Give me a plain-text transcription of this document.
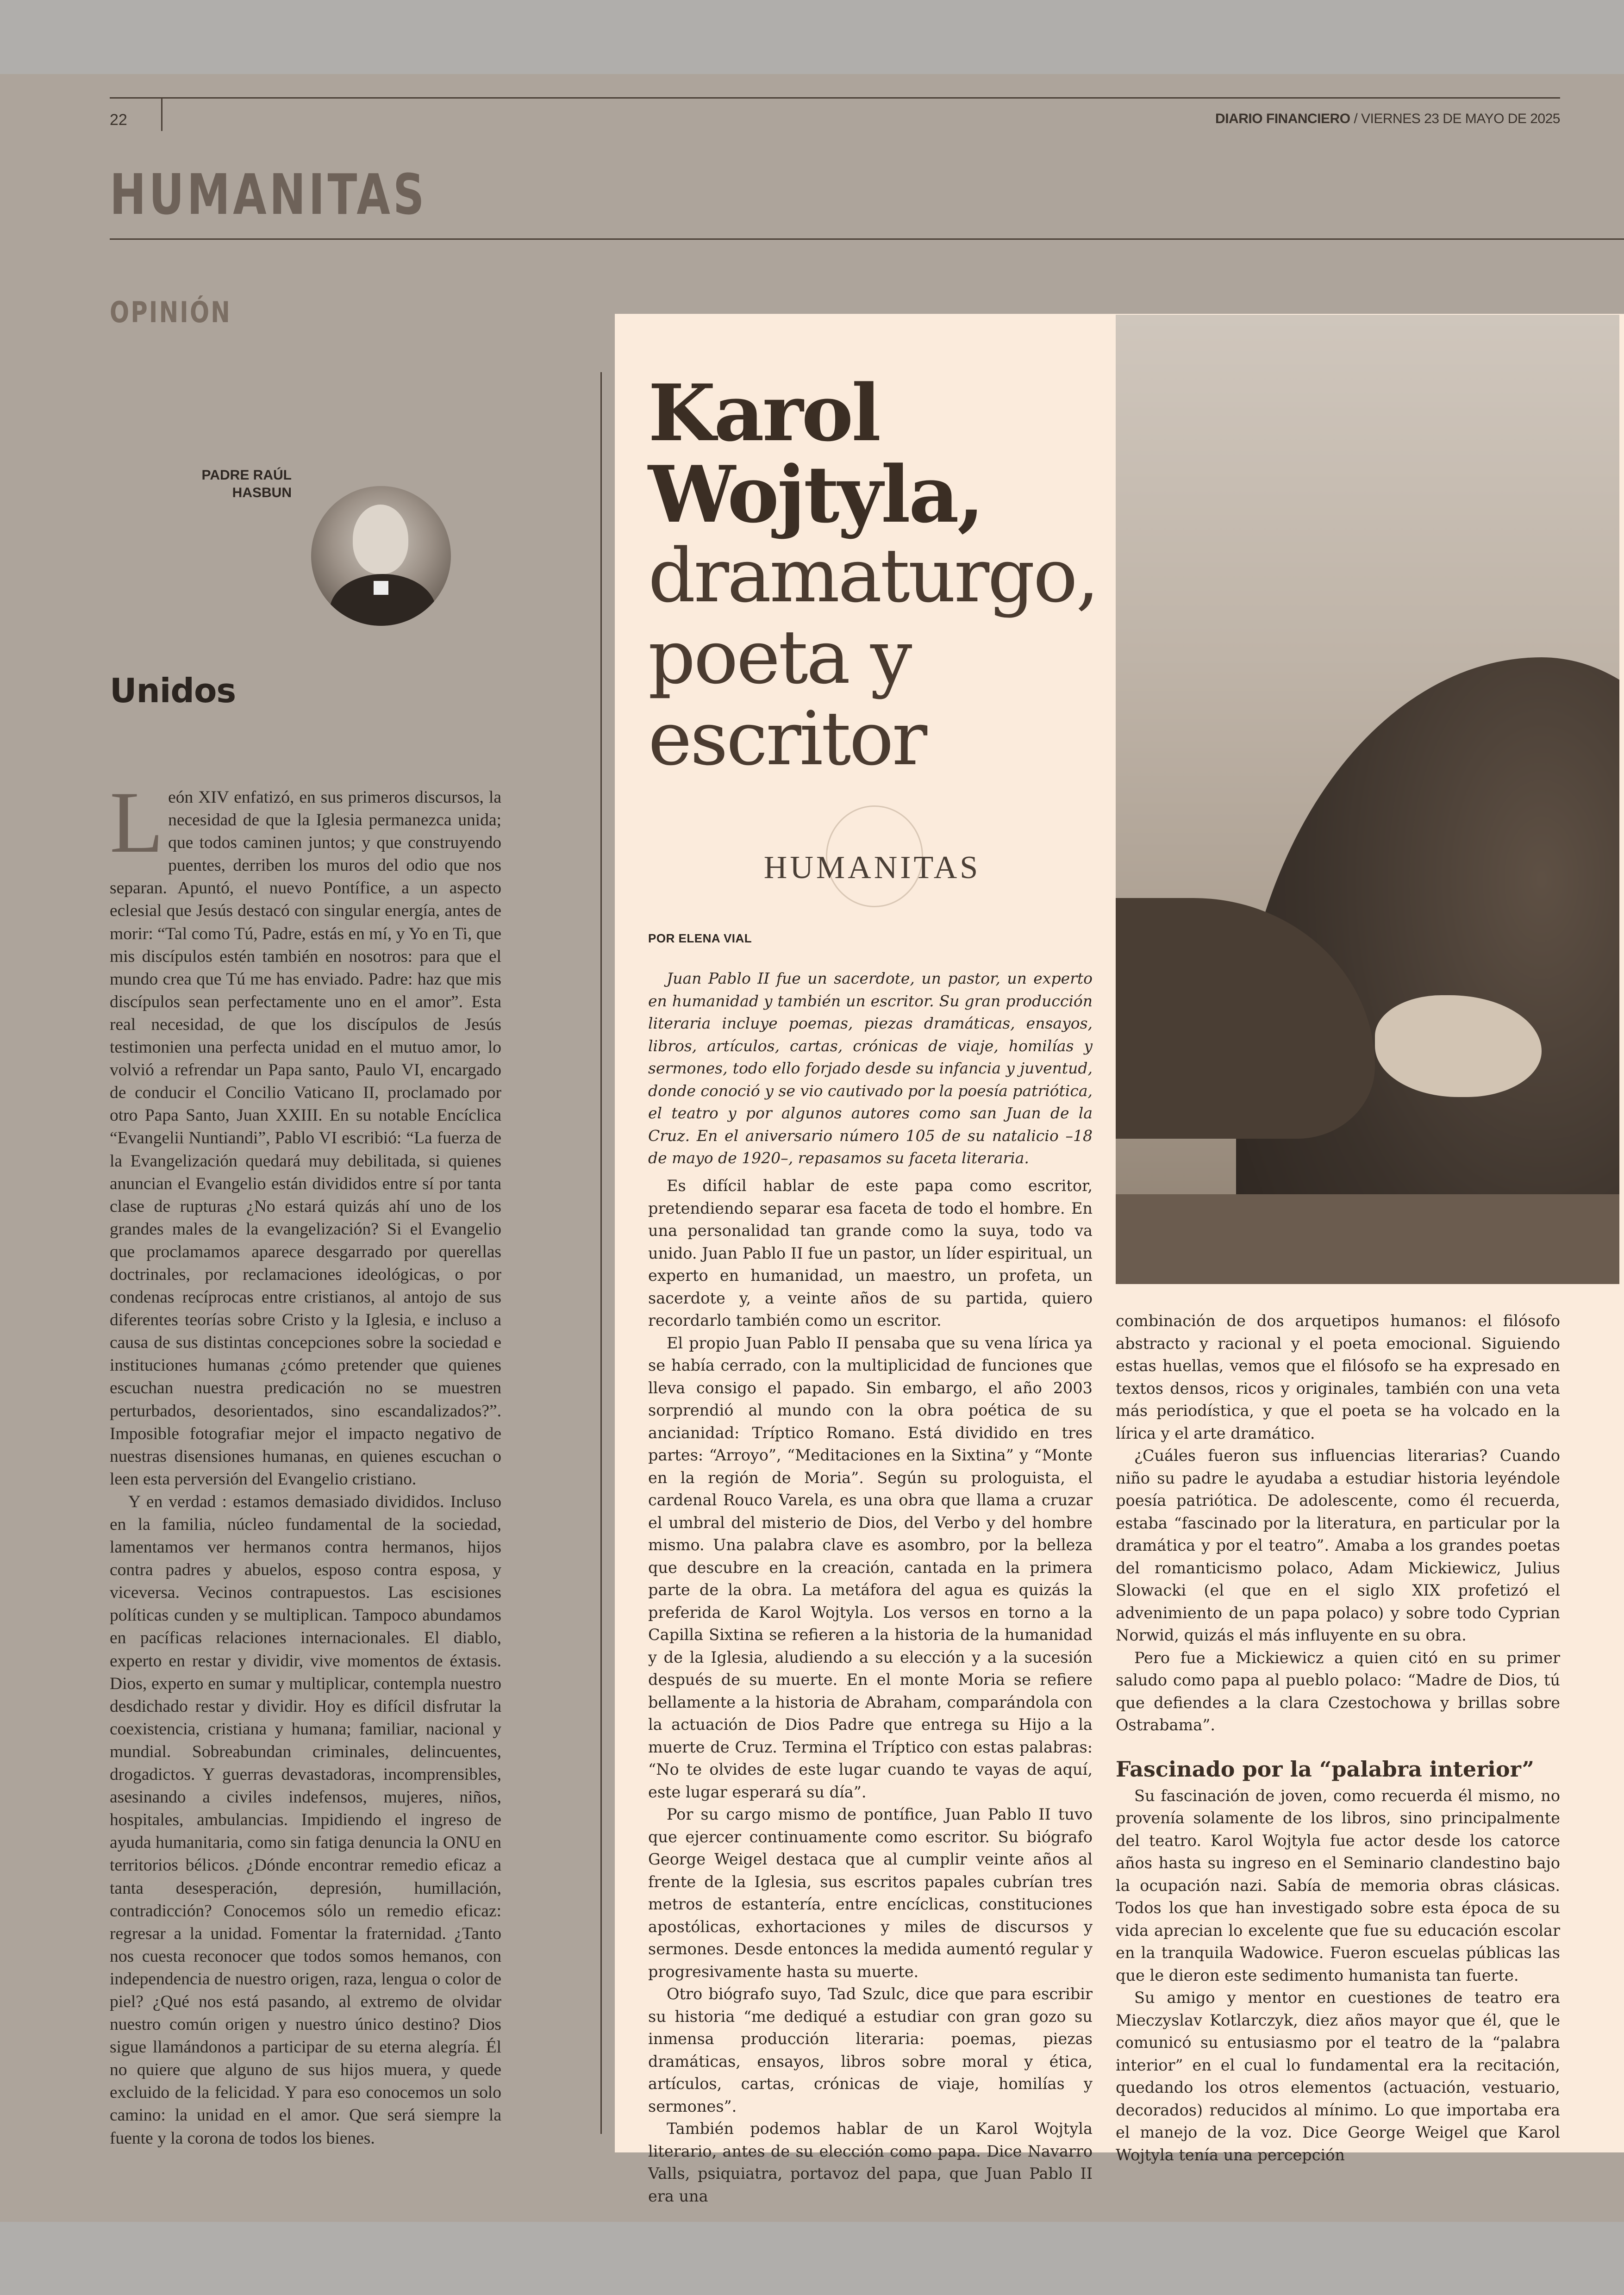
22	DIARIO FINANCIERO / VIERNES 23 DE MAYO DE 2025
HUMANITAS
OPINIÓN
PADRE RAÚL HASBUN
Unidos

León XIV enfatizó, en sus primeros discursos, la necesidad de que la Iglesia permanezca unida; que todos caminen juntos; y que construyendo puentes, derriben los muros del odio que nos separan. Apuntó, el nuevo Pontífice, a un aspecto eclesial que Jesús destacó con singular energía, antes de morir: “Tal como Tú, Padre, estás en mí, y Yo en Ti, que mis discípulos estén también en nosotros: para que el mundo crea que Tú me has enviado. Padre: haz que mis discípulos sean perfectamente uno en el amor”. Esta real necesidad, de que los discípulos de Jesús testimonien una perfecta unidad en el mutuo amor, lo volvió a refrendar un Papa santo, Paulo VI, encargado de conducir el Concilio Vaticano II, proclamado por otro Papa Santo, Juan XXIII. En su notable Encíclica “Evangelii Nuntiandi”, Pablo VI escribió: “La fuerza de la Evangelización quedará muy debilitada, si quienes anuncian el Evangelio están divididos entre sí por tanta clase de rupturas ¿No estará quizás ahí uno de los grandes males de la evangelización? Si el Evangelio que proclamamos aparece desgarrado por querellas doctrinales, por reclamaciones ideológicas, o por condenas recíprocas entre cristianos, al antojo de sus diferentes teorías sobre Cristo y la Iglesia, e incluso a causa de sus distintas concepciones sobre la sociedad e instituciones humanas ¿cómo pretender que quienes escuchan nuestra predicación no se muestren perturbados, desorientados, sino escandalizados?”. Imposible fotografiar mejor el impacto negativo de nuestras disensiones humanas, en quienes escuchan o leen esta perversión del Evangelio cristiano.

Y en verdad : estamos demasiado divididos. Incluso en la familia, núcleo fundamental de la sociedad, lamentamos ver hermanos contra hermanos, hijos contra padres y abuelos, esposo contra esposa, y viceversa. Vecinos contrapuestos. Las escisiones políticas cunden y se multiplican. Tampoco abundamos en pacíficas relaciones internacionales. El diablo, experto en restar y dividir, vive momentos de éxtasis. Dios, experto en sumar y multiplicar, contempla nuestro desdichado restar y dividir. Hoy es difícil disfrutar la coexistencia, cristiana y humana; familiar, nacional y mundial. Sobreabundan criminales, delincuentes, drogadictos. Y guerras devastadoras, incomprensibles, asesinando a civiles indefensos, mujeres, niños, hospitales, ambulancias. Impidiendo el ingreso de ayuda humanitaria, como sin fatiga denuncia la ONU en territorios bélicos. ¿Dónde encontrar remedio eficaz a tanta desesperación, depresión, humillación, contradicción? Conocemos sólo un remedio eficaz: regresar a la unidad. Fomentar la fraternidad. ¿Tanto nos cuesta reconocer que todos somos hemanos, con independencia de nuestro origen, raza, lengua o color de piel? ¿Qué nos está pasando, al extremo de olvidar nuestro común origen y nuestro único destino? Dios sigue llamándonos a participar de su eterna alegría. Él no quiere que alguno de sus hijos muera, y quede excluido de la felicidad. Y para eso conocemos un solo camino: la unidad en el amor. Que será siempre la fuente y la corona de todos los bienes.

Karol
Wojtyla,
dramaturgo,
poeta y
escritor
HUMANITAS
POR ELENA VIAL

Juan Pablo II fue un sacerdote, un pastor, un experto en humanidad y también un escritor. Su gran producción literaria incluye poemas, piezas dramáticas, ensayos, libros, artículos, cartas, crónicas de viaje, homilías y sermones, todo ello forjado desde su infancia y juventud, donde conoció y se vio cautivado por la poesía patriótica, el teatro y por algunos autores como san Juan de la Cruz. En el aniversario número 105 de su natalicio –18 de mayo de 1920–, repasamos su faceta literaria.

Es difícil hablar de este papa como escritor, pretendiendo separar esa faceta de todo el hombre. En una personalidad tan grande como la suya, todo va unido. Juan Pablo II fue un pastor, un líder espiritual, un experto en humanidad, un maestro, un profeta, un sacerdote y, a veinte años de su partida, quiero recordarlo también como un escritor.

El propio Juan Pablo II pensaba que su vena lírica ya se había cerrado, con la multiplicidad de funciones que lleva consigo el papado. Sin embargo, el año 2003 sorprendió al mundo con la obra poética de su ancianidad: Tríptico Romano. Está dividido en tres partes: “Arroyo”, “Meditaciones en la Sixtina” y “Monte en la región de Moria”. Según su prologuista, el cardenal Rouco Varela, es una obra que llama a cruzar el umbral del misterio de Dios, del Verbo y del hombre mismo. Una palabra clave es asombro, por la belleza que descubre en la creación, cantada en la primera parte de la obra. La metáfora del agua es quizás la preferida de Karol Wojtyla. Los versos en torno a la Capilla Sixtina se refieren a la historia de la humanidad y de la Iglesia, aludiendo a su elección y a la sucesión después de su muerte. En el monte Moria se refiere bellamente a la historia de Abraham, comparándola con la actuación de Dios Padre que entrega su Hijo a la muerte de Cruz. Termina el Tríptico con estas palabras: “No te olvides de este lugar cuando te vayas de aquí, este lugar esperará su día”.

Por su cargo mismo de pontífice, Juan Pablo II tuvo que ejercer continuamente como escritor. Su biógrafo George Weigel destaca que al cumplir veinte años al frente de la Iglesia, sus escritos papales cubrían tres metros de estantería, entre encíclicas, constituciones apostólicas, exhortaciones y miles de discursos y sermones. Desde entonces la medida aumentó regular y progresivamente hasta su muerte.

Otro biógrafo suyo, Tad Szulc, dice que para escribir su historia “me dediqué a estudiar con gran gozo su inmensa producción literaria: poemas, piezas dramáticas, ensayos, libros sobre moral y ética, artículos, cartas, crónicas de viaje, homilías y sermones”.

También podemos hablar de un Karol Wojtyla literario, antes de su elección como papa. Dice Navarro Valls, psiquiatra, portavoz del papa, que Juan Pablo II era una

combinación de dos arquetipos humanos: el filósofo abstracto y racional y el poeta emocional. Siguiendo estas huellas, vemos que el filósofo se ha expresado en textos densos, ricos y originales, también con una veta más periodística, y que el poeta se ha volcado en la lírica y el arte dramático.

¿Cuáles fueron sus influencias literarias? Cuando niño su padre le ayudaba a estudiar historia leyéndole poesía patriótica. De adolescente, como él recuerda, estaba “fascinado por la literatura, en particular por la dramática y por el teatro”. Amaba a los grandes poetas del romanticismo polaco, Adam Mickiewicz, Julius Slowacki (el que en el siglo XIX profetizó el advenimiento de un papa polaco) y sobre todo Cyprian Norwid, quizás el más influyente en su obra.

Pero fue a Mickiewicz a quien citó en su primer saludo como papa al pueblo polaco: “Madre de Dios, tú que defiendes a la clara Czestochowa y brillas sobre Ostrabama”.

Fascinado por la “palabra interior”

Su fascinación de joven, como recuerda él mismo, no provenía solamente de los libros, sino principalmente del teatro. Karol Wojtyla fue actor desde los catorce años hasta su ingreso en el Seminario clandestino bajo la ocupación nazi. Sabía de memoria obras clásicas. Todos los que han investigado sobre esta época de su vida aprecian lo excelente que fue su educación escolar en la tranquila Wadowice. Fueron escuelas públicas las que le dieron este sedimento humanista tan fuerte.

Su amigo y mentor en cuestiones de teatro era Mieczyslav Kotlarczyk, diez años mayor que él, que le comunicó su entusiasmo por el teatro de la “palabra interior” en el cual lo fundamental era la recitación, quedando los otros elementos (actuación, vestuario, decorados) reducidos al mínimo. Lo que importaba era el manejo de la voz. Dice George Weigel que Karol Wojtyla tenía una percepción
